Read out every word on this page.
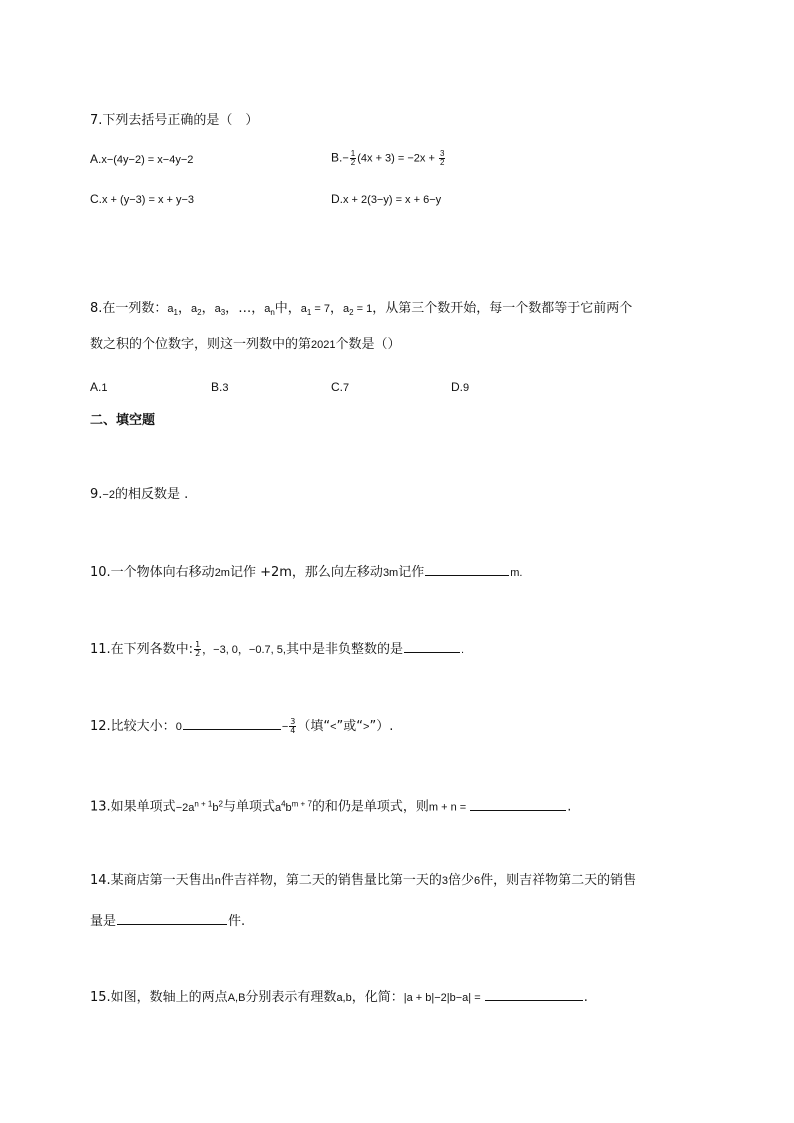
7.下列去括号正确的是（　）
A.x−(4y−2) = x−4y−2	$B.- \frac{1}{2} (4x + 3) = -2x + \frac{3}{2}$
C.x + (y−3) = x + y−3	D.x + 2(3−y) = x + 6−y
8.在一列数：$a_1$，$a_2$，$a_3$，…，$a_n$中，$a_1 = 7$，$a_2 = 1$，从第三个数开始，每一个数都等于它前两个
数之积的个位数字，则这一列数中的第2021个数是（）
A.1	B.3	C.7	D.9
二、填空题
9.−2的相反数是 .
10.一个物体向右移动2m记作 +2m，那么向左移动3m记作	m.
11.在下列各数中: $\frac{1}{2}$ ，−3, 0，−0.7, 5,其中是非负整数的是	.
12.比较大小：0	− $\frac{3}{4}$ （填“<”或“>”）.
13.如果单项式$-2a^{n + 1}b^2$与单项式$a^4b^{m + 7}$的和仍是单项式，则m + n =	.
14.某商店第一天售出n件吉祥物，第二天的销售量比第一天的3倍少6件，则吉祥物第二天的销售
量是	件.
15.如图，数轴上的两点A,B分别表示有理数a,b，化简：|a + b|−2|b−a| =	.
